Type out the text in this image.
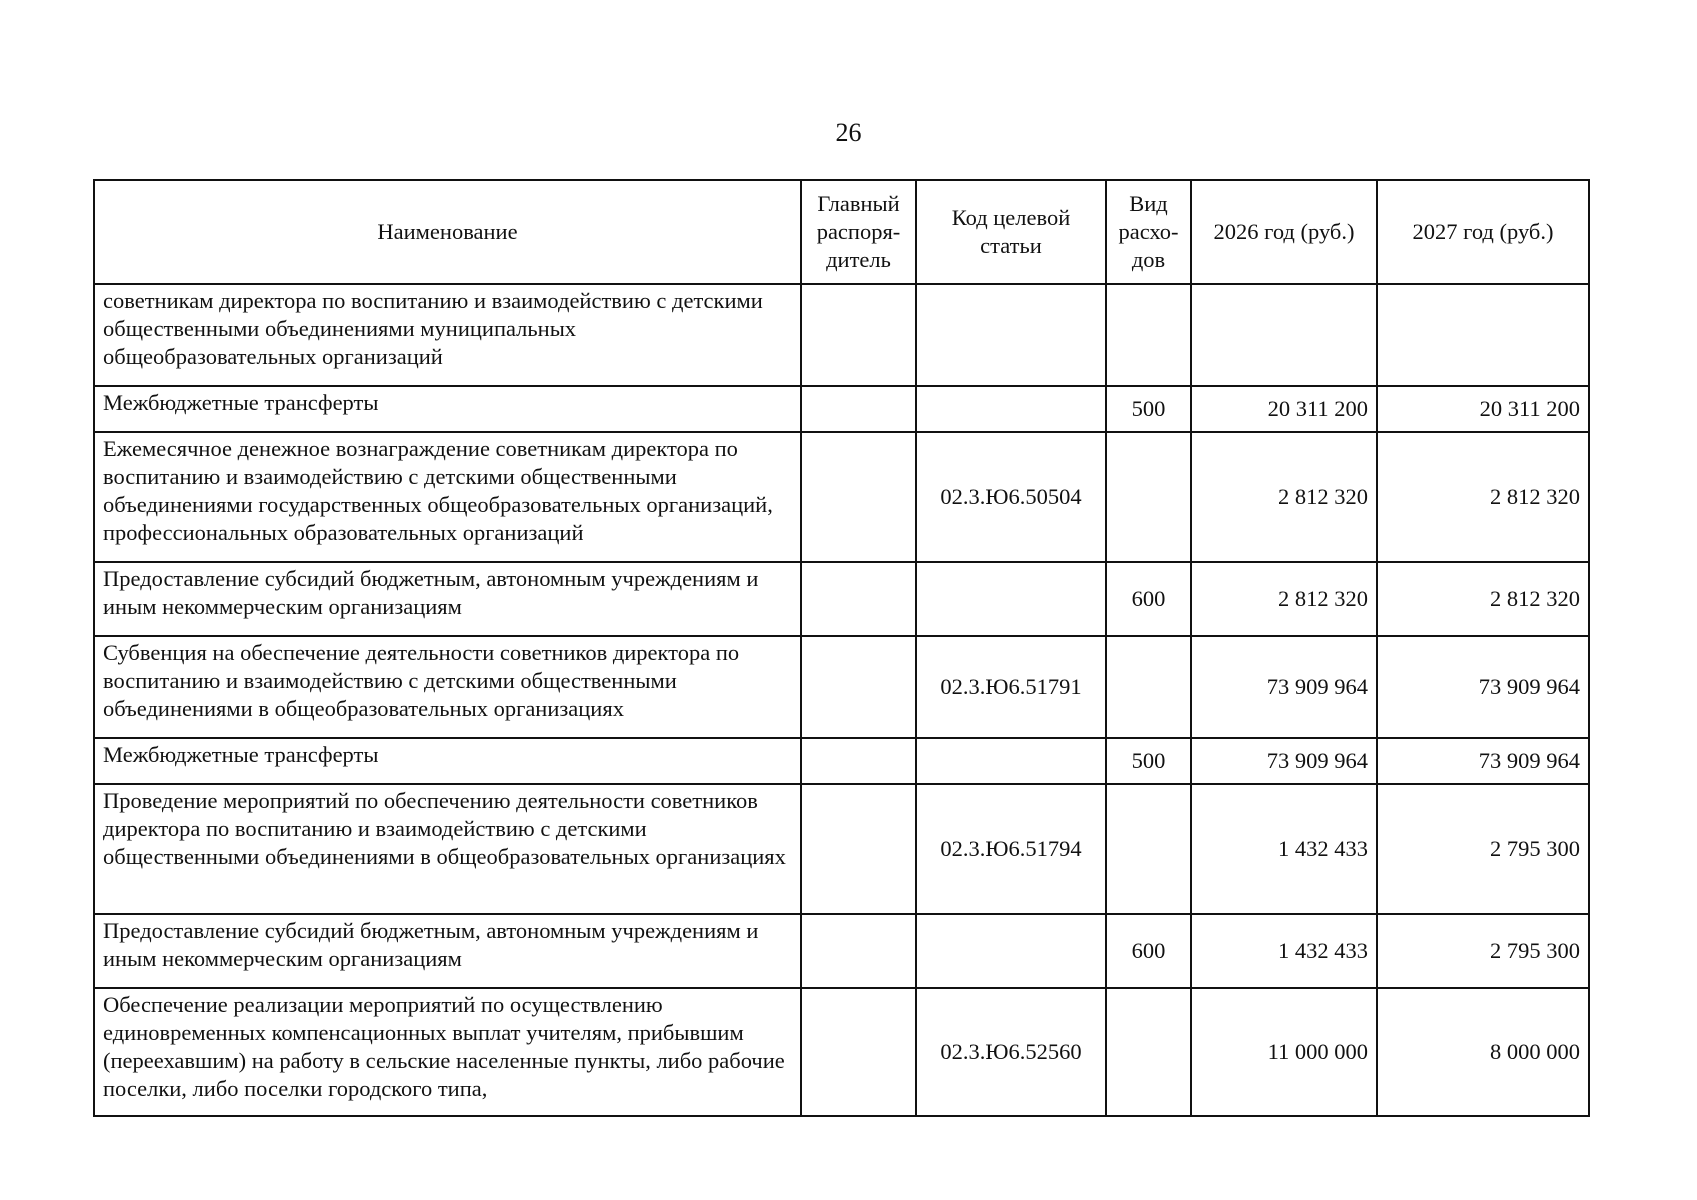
26
Наименование	Главный распоря-дитель	Код целевой статьи	Вид расхо-дов	2026 год (руб.)	2027 год (руб.)
советникам директора по воспитанию и взаимодействию с детскими общественными объединениями муниципальных общеобразовательных организаций					
Межбюджетные трансферты			500	20 311 200	20 311 200
Ежемесячное денежное вознаграждение советникам директора по воспитанию и взаимодействию с детскими общественными объединениями государственных общеобразовательных организаций, профессиональных образовательных организаций		02.3.Ю6.50504		2 812 320	2 812 320
Предоставление субсидий бюджетным, автономным учреждениям и иным некоммерческим организациям			600	2 812 320	2 812 320
Субвенция на обеспечение деятельности советников директора по воспитанию и взаимодействию с детскими общественными объединениями в общеобразовательных организациях		02.3.Ю6.51791		73 909 964	73 909 964
Межбюджетные трансферты			500	73 909 964	73 909 964
Проведение мероприятий по обеспечению деятельности советников директора по воспитанию и взаимодействию с детскими общественными объединениями в общеобразовательных организациях		02.3.Ю6.51794		1 432 433	2 795 300
Предоставление субсидий бюджетным, автономным учреждениям и иным некоммерческим организациям			600	1 432 433	2 795 300
Обеспечение реализации мероприятий по осуществлению единовременных компенсационных выплат учителям, прибывшим (переехавшим) на работу в сельские населенные пункты, либо рабочие поселки, либо поселки городского типа,		02.3.Ю6.52560		11 000 000	8 000 000
